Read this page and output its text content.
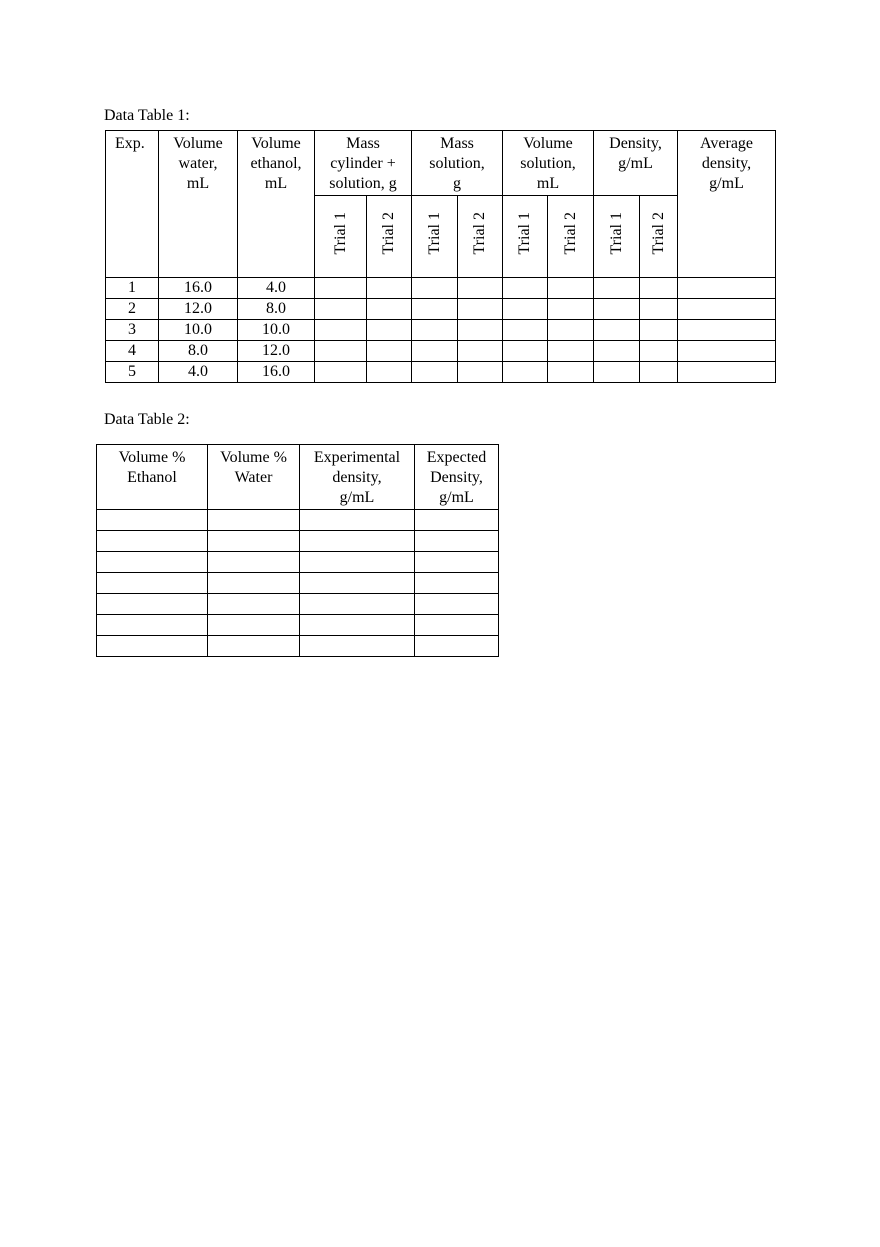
Data Table 1:
Exp.	Volume
water,
mL	Volume
ethanol,
mL	Mass
cylinder +
solution, g		Mass
solution,
g		Volume
solution,
mL		Density,
g/mL		Average
density,
g/mL
			Trial 1	Trial 2	Trial 1	Trial 2	Trial 1	Trial 2	Trial 1	Trial 2	
1	16.0	4.0									
2	12.0	8.0									
3	10.0	10.0									
4	8.0	12.0									
5	4.0	16.0									
Data Table 2:
Volume %
Ethanol	Volume %
Water	Experimental
density,
g/mL	Expected
Density,
g/mL
